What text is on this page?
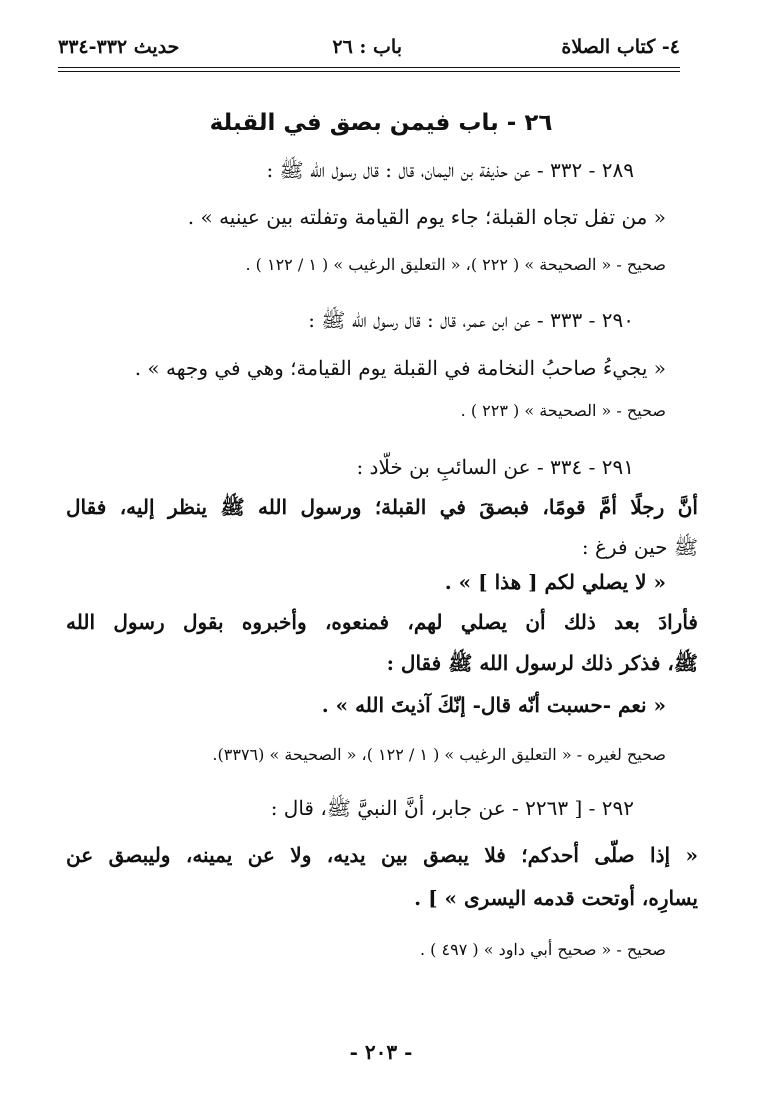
٤- كتاب الصلاة
باب : ٢٦
حديث ٣٣٢-٣٣٤
٢٦ - باب فيمن بصق في القبلة
٢٨٩ - ٣٣٢ - عن حذيفة بن اليمان، قال : قال رسول الله ﷺ :
« من تفل تجاه القبلة؛ جاء يوم القيامة وتفلته بين عينيه » .
صحيح - « الصحيحة » ( ٢٢٢ )، « التعليق الرغيب » ( ١ / ١٢٢ ) .
٢٩٠ - ٣٣٣ - عن ابن عمر، قال : قال رسول الله ﷺ :
« يجيءُ صاحبُ النخامة في القبلة يوم القيامة؛ وهي في وجهه » .
صحيح - « الصحيحة » ( ٢٢٣ ) .
٢٩١ - ٣٣٤ - عن السائبِ بن خلّاد :
أنَّ رجلًا أمَّ قومًا، فبصقَ في القبلة؛ ورسول الله ﷺ ينظر إليه، فقال
ﷺ حين فرغ :
« لا يصلي لكم [ هذا ] » .
فأرادَ بعد ذلك أن يصلي لهم، فمنعوه، وأخبروه بقول رسول الله
ﷺ، فذكر ذلك لرسول الله ﷺ فقال :
« نعم -حسبت أنّه قال- إنّكَ آذيتَ الله » .
صحيح لغيره - « التعليق الرغيب » ( ١ / ١٢٢ )، « الصحيحة » (٣٣٧٦).
٢٩٢ - [ ٢٢٦٣ - عن جابر، أنَّ النبيَّ ﷺ، قال :
« إذا صلّى أحدكم؛ فلا يبصق بين يديه، ولا عن يمينه، وليبصق عن
يسارِه، أوتحت قدمه اليسرى » ] .
صحيح - « صحيح أبي داود » ( ٤٩٧ ) .
- ٢٠٣ -
